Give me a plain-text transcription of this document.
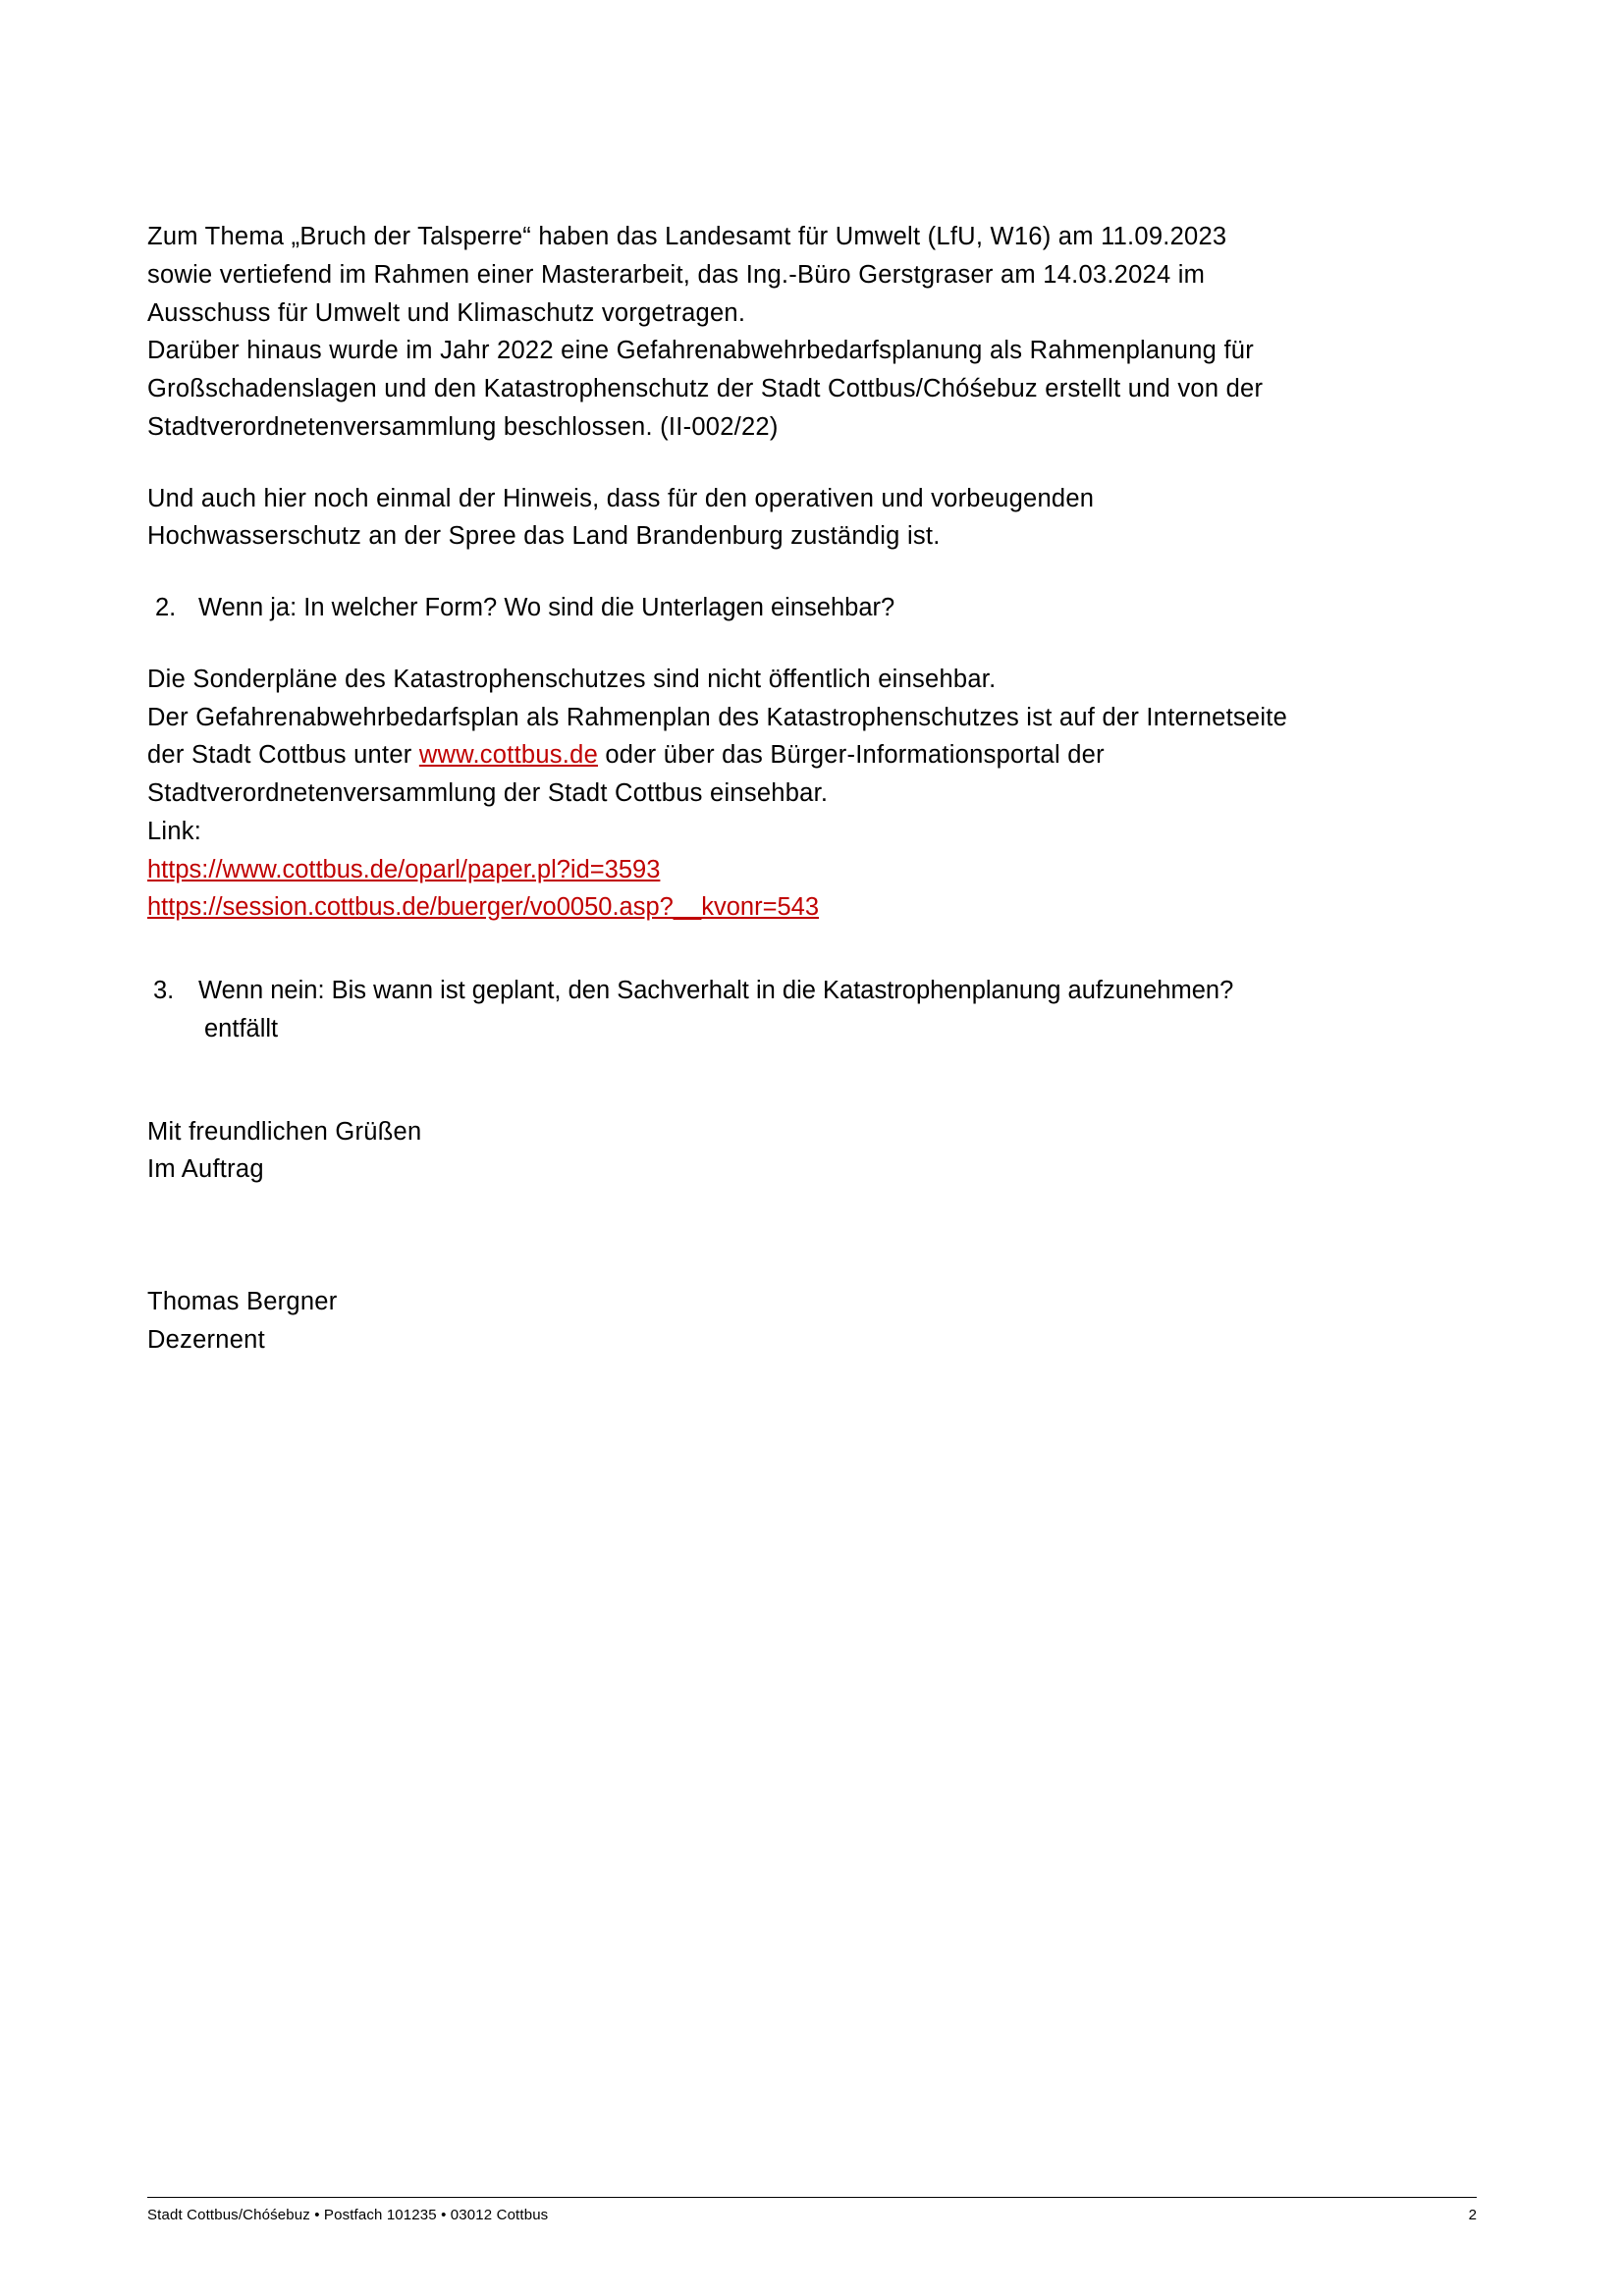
Zum Thema „Bruch der Talsperre“ haben das Landesamt für Umwelt (LfU, W16) am 11.09.2023
sowie vertiefend im Rahmen einer Masterarbeit, das Ing.-Büro Gerstgraser am 14.03.2024 im
Ausschuss für Umwelt und Klimaschutz vorgetragen.
Darüber hinaus wurde im Jahr 2022 eine Gefahrenabwehrbedarfsplanung als Rahmenplanung für
Großschadenslagen und den Katastrophenschutz der Stadt Cottbus/Chóśebuz erstellt und von der
Stadtverordnetenversammlung beschlossen. (II-002/22)

Und auch hier noch einmal der Hinweis, dass für den operativen und vorbeugenden
Hochwasserschutz an der Spree das Land Brandenburg zuständig ist.

2. Wenn ja: In welcher Form? Wo sind die Unterlagen einsehbar?

Die Sonderpläne des Katastrophenschutzes sind nicht öffentlich einsehbar.
Der Gefahrenabwehrbedarfsplan als Rahmenplan des Katastrophenschutzes ist auf der Internetseite
der Stadt Cottbus unter www.cottbus.de oder über das Bürger-Informationsportal der
Stadtverordnetenversammlung der Stadt Cottbus einsehbar.
Link:

https://www.cottbus.de/oparl/paper.pl?id=3593
https://session.cottbus.de/buerger/vo0050.asp?__kvonr=543
3. Wenn nein: Bis wann ist geplant, den Sachverhalt in die Katastrophenplanung aufzunehmen?
entfällt

Mit freundlichen Grüßen
Im Auftrag

Thomas Bergner
Dezernent

Stadt Cottbus/Chóśebuz • Postfach 101235 • 03012 Cottbus	2
